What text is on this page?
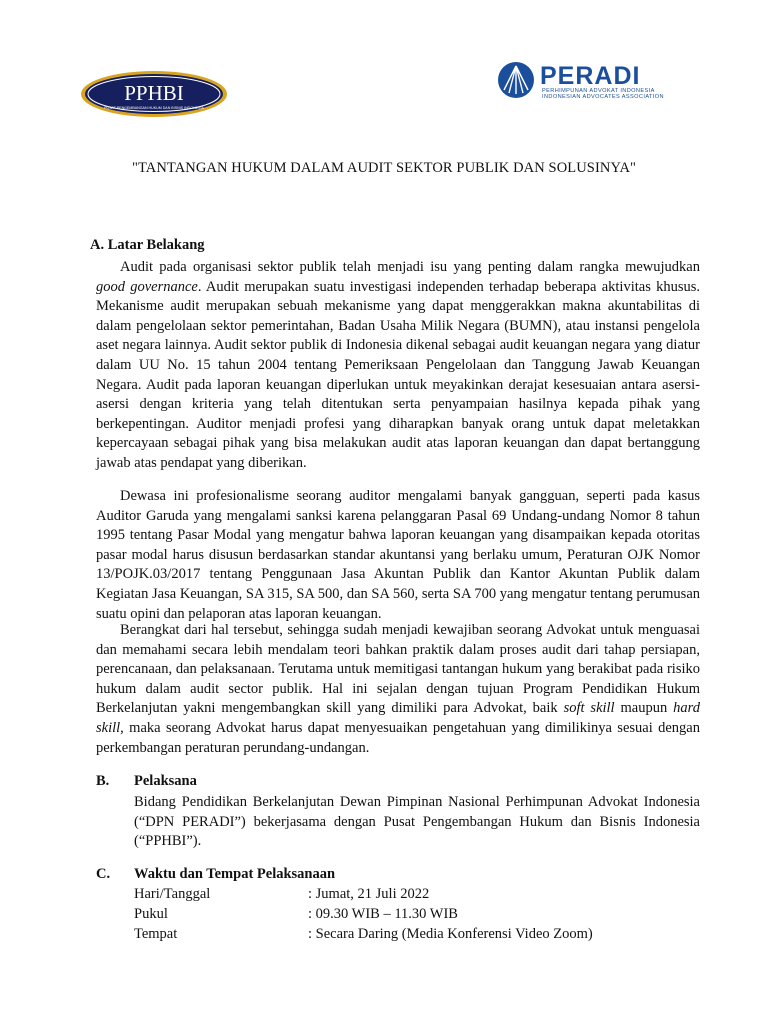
PPHBI
PUSAT PENGEMBANGAN HUKUM DAN BISNIS INDONESIA
PERADI
PERHIMPUNAN ADVOKAT INDONESIA
INDONESIAN ADVOCATES ASSOCIATION
"TANTANGAN HUKUM DALAM AUDIT SEKTOR PUBLIK DAN SOLUSINYA"
A. Latar Belakang

Audit pada organisasi sektor publik telah menjadi isu yang penting dalam rangka mewujudkan good governance. Audit merupakan suatu investigasi independen terhadap beberapa aktivitas khusus. Mekanisme audit merupakan sebuah mekanisme yang dapat menggerakkan makna akuntabilitas di dalam pengelolaan sektor pemerintahan, Badan Usaha Milik Negara (BUMN), atau instansi pengelola aset negara lainnya. Audit sektor publik di Indonesia dikenal sebagai audit keuangan negara yang diatur dalam UU No. 15 tahun 2004 tentang Pemeriksaan Pengelolaan dan Tanggung Jawab Keuangan Negara. Audit pada laporan keuangan diperlukan untuk meyakinkan derajat kesesuaian antara asersi-asersi dengan kriteria yang telah ditentukan serta penyampaian hasilnya kepada pihak yang berkepentingan. Auditor menjadi profesi yang diharapkan banyak orang untuk dapat meletakkan kepercayaan sebagai pihak yang bisa melakukan audit atas laporan keuangan dan dapat bertanggung jawab atas pendapat yang diberikan.

Dewasa ini profesionalisme seorang auditor mengalami banyak gangguan, seperti pada kasus Auditor Garuda yang mengalami sanksi karena pelanggaran Pasal 69 Undang-undang Nomor 8 tahun 1995 tentang Pasar Modal yang mengatur bahwa laporan keuangan yang disampaikan kepada otoritas pasar modal harus disusun berdasarkan standar akuntansi yang berlaku umum, Peraturan OJK Nomor 13/POJK.03/2017 tentang Penggunaan Jasa Akuntan Publik dan Kantor Akuntan Publik dalam Kegiatan Jasa Keuangan, SA 315, SA 500, dan SA 560, serta SA 700 yang mengatur tentang perumusan suatu opini dan pelaporan atas laporan keuangan.

Berangkat dari hal tersebut, sehingga sudah menjadi kewajiban seorang Advokat untuk menguasai dan memahami secara lebih mendalam teori bahkan praktik dalam proses audit dari tahap persiapan, perencanaan, dan pelaksanaan. Terutama untuk memitigasi tantangan hukum yang berakibat pada risiko hukum dalam audit sector publik. Hal ini sejalan dengan tujuan Program Pendidikan Hukum Berkelanjutan yakni mengembangkan skill yang dimiliki para Advokat, baik soft skill maupun hard skill, maka seorang Advokat harus dapat menyesuaikan pengetahuan yang dimilikinya sesuai dengan perkembangan peraturan perundang-undangan.

B. Pelaksana

Bidang Pendidikan Berkelanjutan Dewan Pimpinan Nasional Perhimpunan Advokat Indonesia (“DPN PERADI”) bekerjasama dengan Pusat Pengembangan Hukum dan Bisnis Indonesia (“PPHBI”).

C. Waktu dan Tempat Pelaksanaan
Hari/Tanggal	: Jumat, 21 Juli 2022
Pukul	: 09.30 WIB – 11.30 WIB
Tempat	: Secara Daring (Media Konferensi Video Zoom)
